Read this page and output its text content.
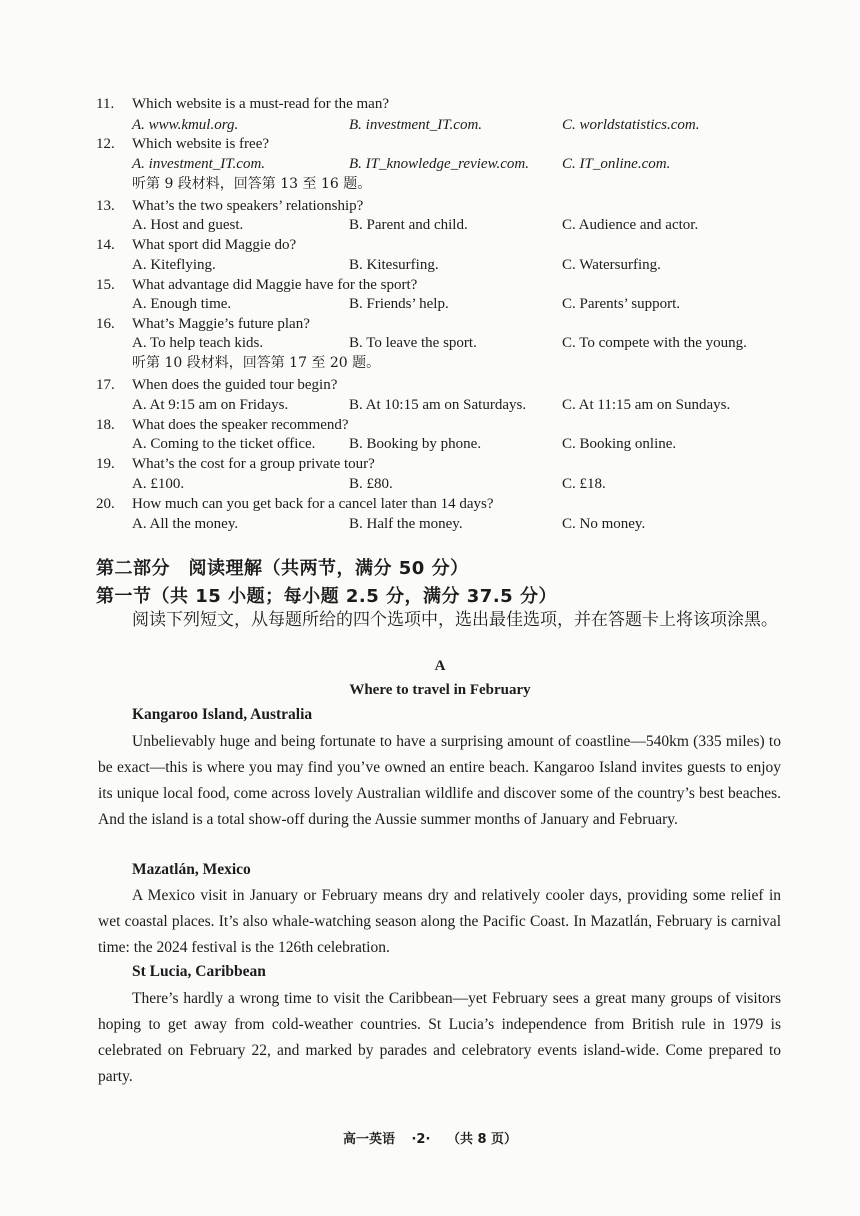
11.	Which website is a must-read for the man?
A. www.kmul.org.	B. investment_IT.com.	C. worldstatistics.com.
12.	Which website is free?
A. investment_IT.com.	B. IT_knowledge_review.com. C. IT_online.com.
听第 9 段材料，回答第 13 至 16 题。
13.	What’s the two speakers’ relationship?
A. Host and guest.	B. Parent and child.	C. Audience and actor.
14.	What sport did Maggie do?
A. Kiteflying.	B. Kitesurfing.	C. Watersurfing.
15.	What advantage did Maggie have for the sport?
A. Enough time.	B. Friends’ help.	C. Parents’ support.
16.	What’s Maggie’s future plan?
A. To help teach kids.	B. To leave the sport.	C. To compete with the young.
听第 10 段材料，回答第 17 至 20 题。
17.	When does the guided tour begin?
A. At 9:15 am on Fridays.	B. At 10:15 am on Saturdays. C. At 11:15 am on Sundays.
18.	What does the speaker recommend?
A. Coming to the ticket office. B. Booking by phone.	C. Booking online.
19.	What’s the cost for a group private tour?
A. £100.	B. £80.	C. £18.
20.	How much can you get back for a cancel later than 14 days?
A. All the money.	B. Half the money.	C. No money.
第二部分　阅读理解（共两节，满分 50 分）
第一节（共 15 小题；每小题 2.5 分，满分 37.5 分）
阅读下列短文，从每题所给的四个选项中，选出最佳选项，并在答题卡上将该项涂黑。
A
Where to travel in February
Kangaroo Island, Australia
Unbelievably huge and being fortunate to have a surprising amount of coastline—540km (335 miles) to be exact—this is where you may find you’ve owned an entire beach. Kangaroo Island invites guests to enjoy its unique local food, come across lovely Australian wildlife and discover some of the country’s best beaches. And the island is a total show-off during the Aussie summer months of January and February.
Mazatlán, Mexico
A Mexico visit in January or February means dry and relatively cooler days, providing some relief in wet coastal places. It’s also whale-watching season along the Pacific Coast. In Mazatlán, February is carnival time: the 2024 festival is the 126th celebration.
St Lucia, Caribbean
There’s hardly a wrong time to visit the Caribbean—yet February sees a great many groups of visitors hoping to get away from cold-weather countries. St Lucia’s independence from British rule in 1979 is celebrated on February 22, and marked by parades and celebratory events island-wide. Come prepared to party.
高一英语 ·2· （共 8 页）
